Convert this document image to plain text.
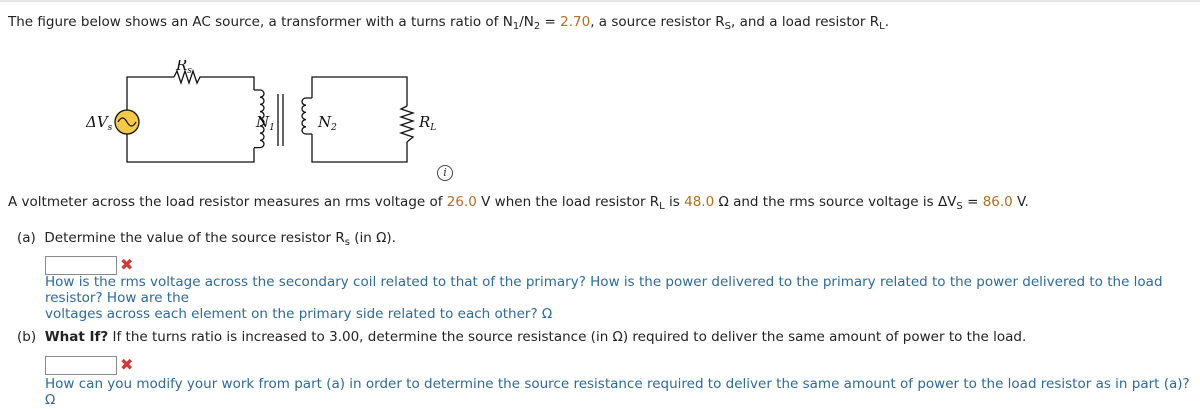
The figure below shows an AC source, a transformer with a turns ratio of $N_1/N_2 = 2.70$, a source resistor $R_S$, and a load resistor $R_L$.
$R_s$
$\Delta V_s$	$N_1$	$N_2$	$R_L$
i
A voltmeter across the load resistor measures an rms voltage of 26.0 V when the load resistor $R_L$ is 48.0 Ω and the rms source voltage is $\Delta V_S = 86.0$ V.
(a) Determine the value of the source resistor $R_s$ (in Ω).
✖
How is the rms voltage across the secondary coil related to that of the primary? How is the power delivered to the primary related to the power delivered to the load resistor? How are the
voltages across each element on the primary side related to each other? Ω
(b) What If? If the turns ratio is increased to 3.00, determine the source resistance (in Ω) required to deliver the same amount of power to the load.
✖
How can you modify your work from part (a) in order to determine the source resistance required to deliver the same amount of power to the load resistor as in part (a)? Ω
